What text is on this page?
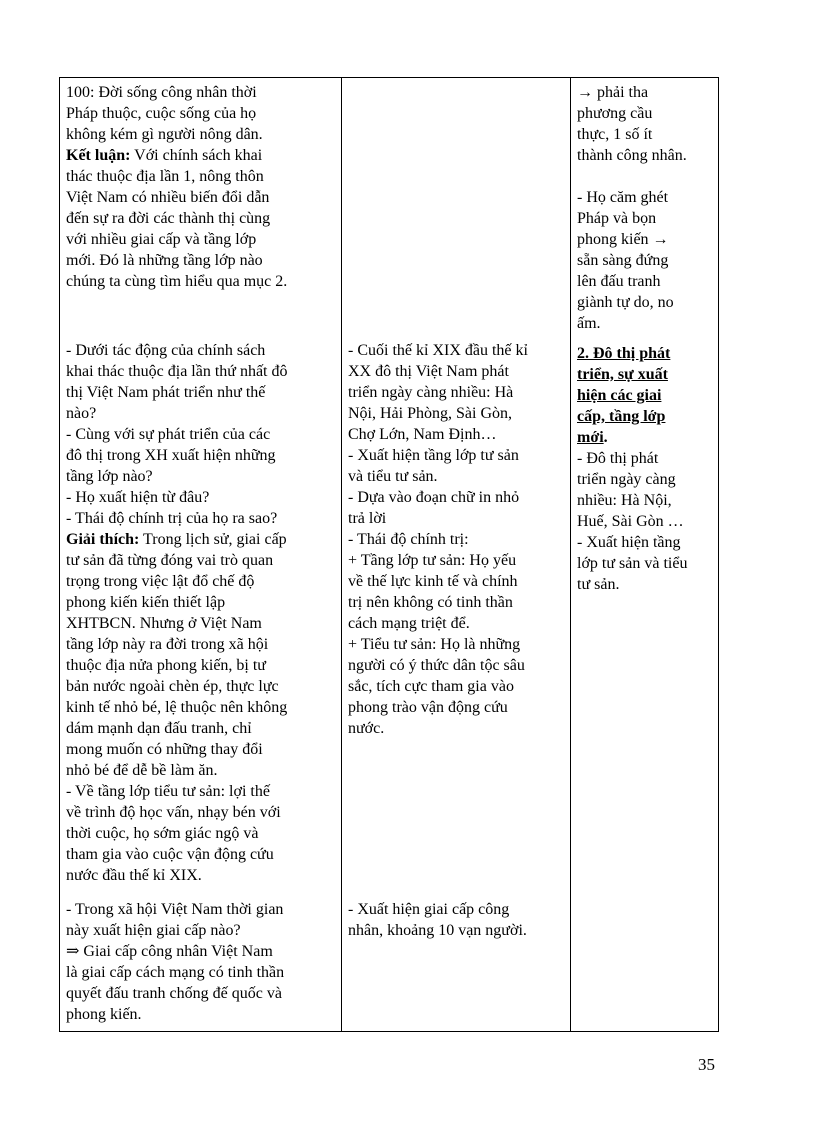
100: Đời sống công nhân thời

Pháp thuộc, cuộc sống của họ

không kém gì người nông dân.

Kết luận: Với chính sách khai

thác thuộc địa lần 1, nông thôn

Việt Nam có nhiều biến đổi dẫn

đến sự ra đời các thành thị cùng

với nhiều giai cấp và tầng lớp

mới. Đó là những tầng lớp nào

chúng ta cùng tìm hiểu qua mục 2.

- Dưới tác động của chính sách

khai thác thuộc địa lần thứ nhất đô

thị Việt Nam phát triển như thế

nào?

- Cùng với sự phát triển của các

đô thị trong XH xuất hiện những

tầng lớp nào?

- Họ xuất hiện từ đâu?

- Thái độ chính trị của họ ra sao?

Giải thích: Trong lịch sử, giai cấp

tư sản đã từng đóng vai trò quan

trọng trong việc lật đổ chế độ

phong kiến kiến thiết lập

XHTBCN. Nhưng ở Việt Nam

tầng lớp này ra đời trong xã hội

thuộc địa nửa phong kiến, bị tư

bản nước ngoài chèn ép, thực lực

kinh tế nhỏ bé, lệ thuộc nên không

dám mạnh dạn đấu tranh, chỉ

mong muốn có những thay đổi

nhỏ bé để dễ bề làm ăn.

- Về tầng lớp tiểu tư sản: lợi thế

về trình độ học vấn, nhạy bén với

thời cuộc, họ sớm giác ngộ và

tham gia vào cuộc vận động cứu

nước đầu thế kỉ XIX.

- Trong xã hội Việt Nam thời gian

này xuất hiện giai cấp nào?

⇒ Giai cấp công nhân Việt Nam

là giai cấp cách mạng có tinh thần

quyết đấu tranh chống đế quốc và

phong kiến.

- Cuối thế kỉ XIX đầu thế kỉ

XX đô thị Việt Nam phát

triển ngày càng nhiều: Hà

Nội, Hải Phòng, Sài Gòn,

Chợ Lớn, Nam Định…

- Xuất hiện tầng lớp tư sản

và tiểu tư sản.

- Dựa vào đoạn chữ in nhỏ

trả lời

- Thái độ chính trị:

+ Tầng lớp tư sản: Họ yếu

về thế lực kinh tế và chính

trị nên không có tinh thần

cách mạng triệt để.

+ Tiểu tư sản: Họ là những

người có ý thức dân tộc sâu

sắc, tích cực tham gia vào

phong trào vận động cứu

nước.

- Xuất hiện giai cấp công

nhân, khoảng 10 vạn người.

→ phải tha

phương cầu

thực, 1 số ít

thành công nhân.

- Họ căm ghét

Pháp và bọn

phong kiến →

sẵn sàng đứng

lên đấu tranh

giành tự do, no

ấm.

2. Đô thị phát

triển, sự xuất

hiện các giai

cấp, tầng lớp

mới.

- Đô thị phát

triển ngày càng

nhiều: Hà Nội,

Huế, Sài Gòn …

- Xuất hiện tầng

lớp tư sản và tiểu

tư sản.

35
